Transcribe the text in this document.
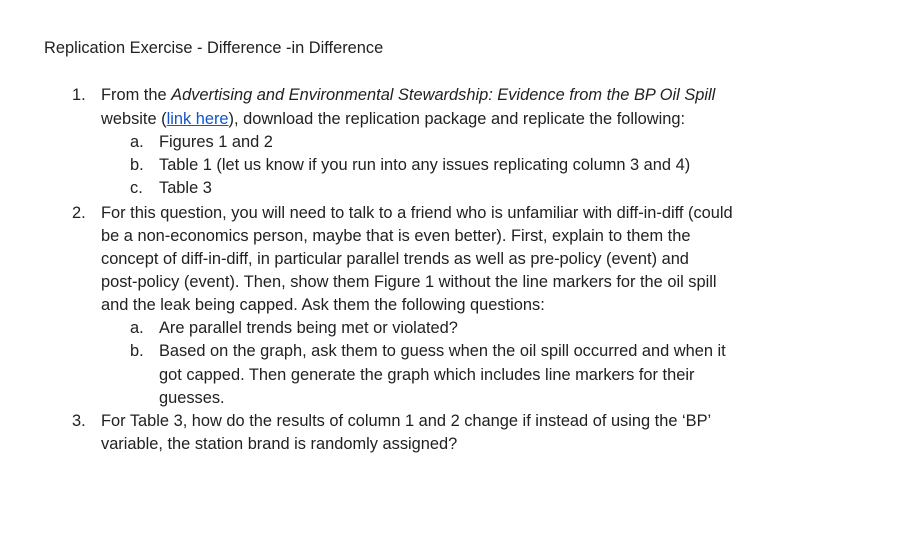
Replication Exercise - Difference -in Difference
1. From the Advertising and Environmental Stewardship: Evidence from the BP Oil Spill
website (link here), download the replication package and replicate the following:
a. Figures 1 and 2
b. Table 1 (let us know if you run into any issues replicating column 3 and 4)
c. Table 3
2. For this question, you will need to talk to a friend who is unfamiliar with diff-in-diff (could
be a non-economics person, maybe that is even better). First, explain to them the
concept of diff-in-diff, in particular parallel trends as well as pre-policy (event) and
post-policy (event). Then, show them Figure 1 without the line markers for the oil spill
and the leak being capped. Ask them the following questions:
a. Are parallel trends being met or violated?
b. Based on the graph, ask them to guess when the oil spill occurred and when it
got capped. Then generate the graph which includes line markers for their
guesses.
3. For Table 3, how do the results of column 1 and 2 change if instead of using the ‘BP’
variable, the station brand is randomly assigned?
